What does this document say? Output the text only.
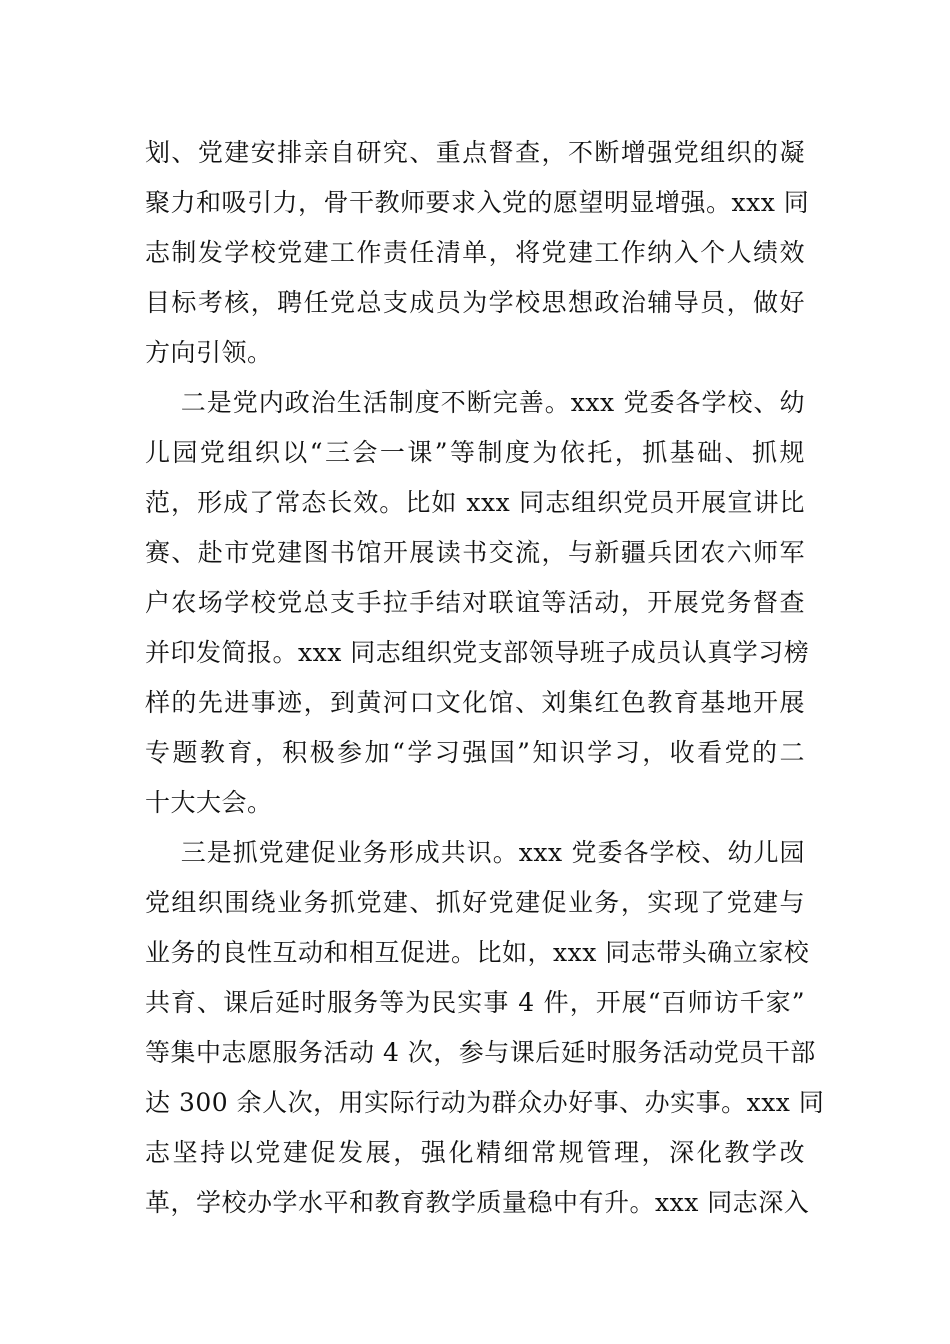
划、党建安排亲自研究、重点督查，不断增强党组织的凝
聚力和吸引力，骨干教师要求入党的愿望明显增强。xxx 同
志制发学校党建工作责任清单，将党建工作纳入个人绩效
目标考核，聘任党总支成员为学校思想政治辅导员，做好
方向引领。
二是党内政治生活制度不断完善。xxx 党委各学校、幼
儿园党组织以“三会一课”等制度为依托，抓基础、抓规
范，形成了常态长效。比如 xxx 同志组织党员开展宣讲比
赛、赴市党建图书馆开展读书交流，与新疆兵团农六师军
户农场学校党总支手拉手结对联谊等活动，开展党务督查
并印发简报。xxx 同志组织党支部领导班子成员认真学习榜
样的先进事迹，到黄河口文化馆、刘集红色教育基地开展
专题教育，积极参加“学习强国”知识学习，收看党的二
十大大会。
三是抓党建促业务形成共识。xxx 党委各学校、幼儿园
党组织围绕业务抓党建、抓好党建促业务，实现了党建与
业务的良性互动和相互促进。比如，xxx 同志带头确立家校
共育、课后延时服务等为民实事 4 件，开展“百师访千家”
等集中志愿服务活动 4 次，参与课后延时服务活动党员干部
达 300 余人次，用实际行动为群众办好事、办实事。xxx 同
志坚持以党建促发展，强化精细常规管理，深化教学改
革，学校办学水平和教育教学质量稳中有升。xxx 同志深入
